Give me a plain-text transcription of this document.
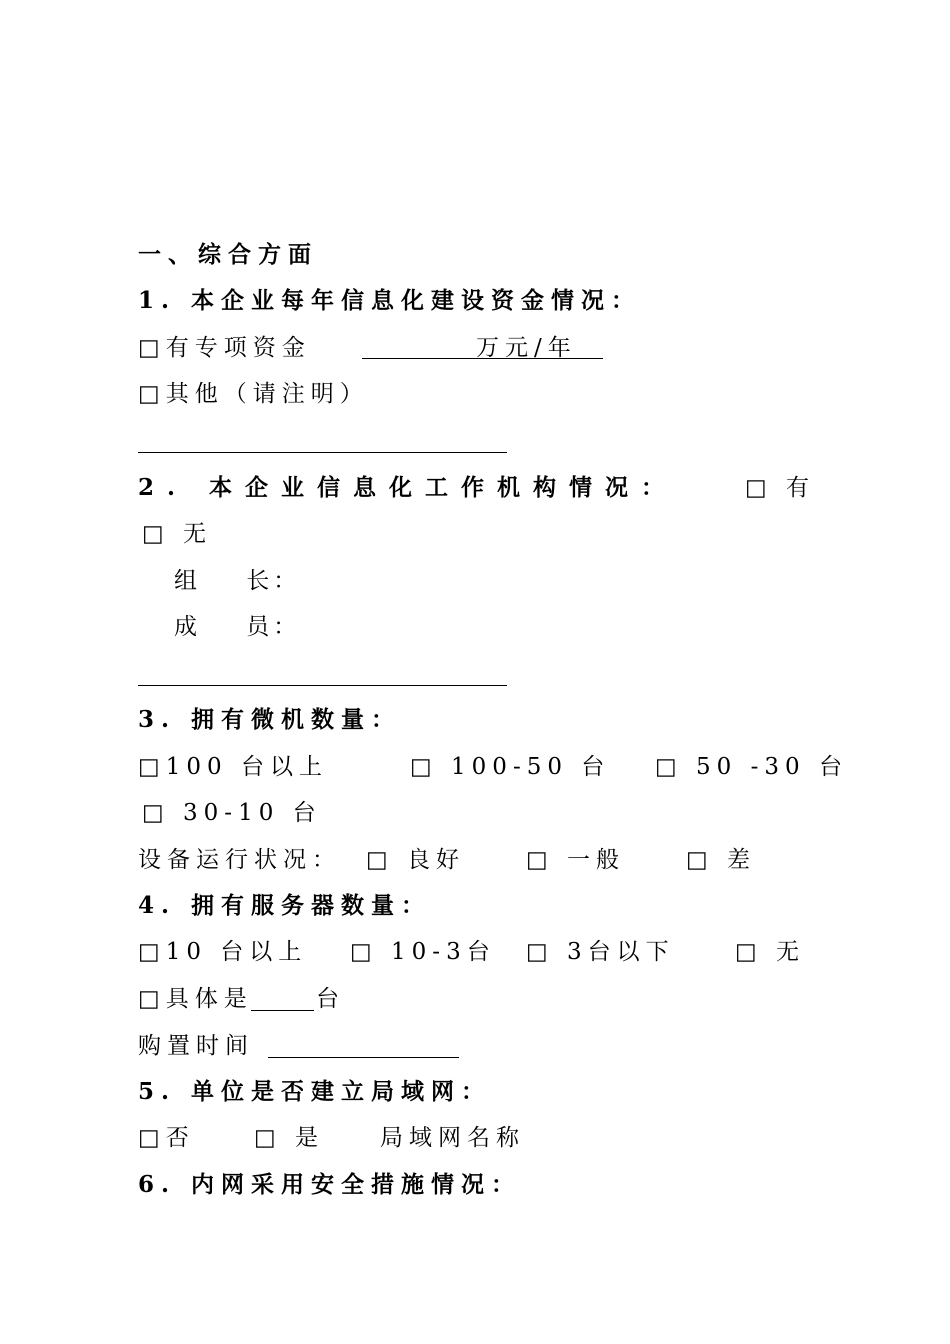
一、综合方面
1. 本企业每年信息化建设资金情况：
□有专项资金	万元/年
□其他（请注明）
2. 本企业信息化工作机构情况：	□ 有
□ 无
组    长：
成    员：
3. 拥有微机数量：
□100 台以上	□ 100-50 台 □ 50 -30 台
□ 30-10 台
设备运行状况： □ 良好	□ 一般	□ 差
4. 拥有服务器数量：
□10 台以上 □ 10-3台 □ 3台以下	□ 无
□具体是	台
购置时间
5. 单位是否建立局域网：
□否	□ 是 局域网名称
6. 内网采用安全措施情况：
